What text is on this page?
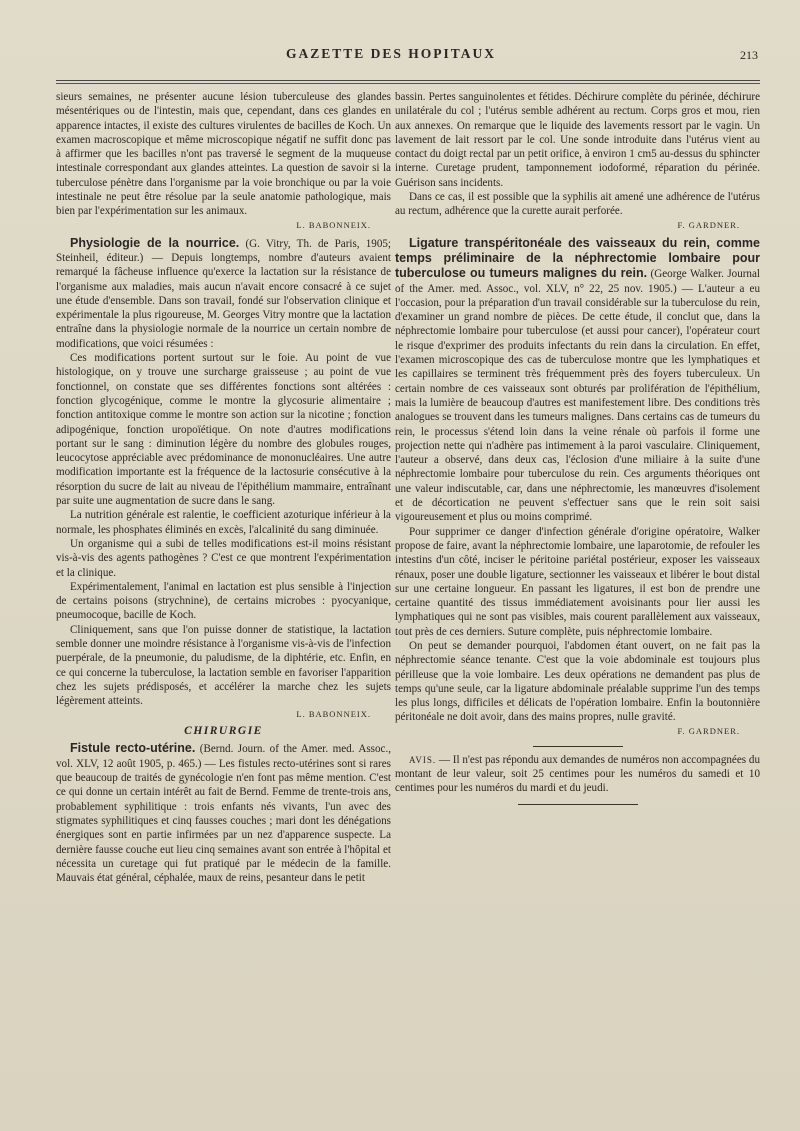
GAZETTE DES HOPITAUX	213

sieurs semaines, ne présenter aucune lésion tuberculeuse des glandes mésentériques ou de l'intestin, mais que, cependant, dans ces glandes en apparence intactes, il existe des cultures virulentes de bacilles de Koch. Un examen macroscopique et même microscopique négatif ne suffit donc pas à affirmer que les bacilles n'ont pas traversé le segment de la muqueuse intestinale correspondant aux glandes atteintes. La question de savoir si la tuberculose pénètre dans l'organisme par la voie bronchique ou par la voie intestinale ne peut être résolue par la seule anatomie pathologique, mais bien par l'expérimentation sur les animaux.

L. BABONNEIX.

Physiologie de la nourrice. (G. Vitry, Th. de Paris, 1905; Steinheil, éditeur.) — Depuis longtemps, nombre d'auteurs avaient remarqué la fâcheuse influence qu'exerce la lactation sur la résistance de l'organisme aux maladies, mais aucun n'avait encore consacré à ce sujet une étude d'ensemble. Dans son travail, fondé sur l'observation clinique et expérimentale la plus rigoureuse, M. Georges Vitry montre que la lactation entraîne dans la physiologie normale de la nourrice un certain nombre de modifications, que voici résumées :

Ces modifications portent surtout sur le foie. Au point de vue histologique, on y trouve une surcharge graisseuse ; au point de vue fonctionnel, on constate que ses différentes fonctions sont altérées : fonction glycogénique, comme le montre la glycosurie alimentaire ; fonction antitoxique comme le montre son action sur la nicotine ; fonction adipogénique, fonction uropoïétique. On note d'autres modifications portant sur le sang : diminution légère du nombre des globules rouges, leucocytose appréciable avec prédominance de mononucléaires. Une autre modification importante est la fréquence de la lactosurie consécutive à la résorption du sucre de lait au niveau de l'épithélium mammaire, entraînant par suite une augmentation de sucre dans le sang.

La nutrition générale est ralentie, le coefficient azoturique inférieur à la normale, les phosphates éliminés en excès, l'alcalinité du sang diminuée.

Un organisme qui a subi de telles modifications est-il moins résistant vis-à-vis des agents pathogènes ? C'est ce que montrent l'expérimentation et la clinique.

Expérimentalement, l'animal en lactation est plus sensible à l'injection de certains poisons (strychnine), de certains microbes : pyocyanique, pneumocoque, bacille de Koch.

Cliniquement, sans que l'on puisse donner de statistique, la lactation semble donner une moindre résistance à l'organisme vis-à-vis de l'infection puerpérale, de la pneumonie, du paludisme, de la diphtérie, etc. Enfin, en ce qui concerne la tuberculose, la lactation semble en favoriser l'apparition chez les sujets prédisposés, et accélérer la marche chez les sujets légèrement atteints.

L. BABONNEIX.
CHIRURGIE

Fistule recto-utérine. (Bernd. Journ. of the Amer. med. Assoc., vol. XLV, 12 août 1905, p. 465.) — Les fistules recto-utérines sont si rares que beaucoup de traités de gynécologie n'en font pas même mention. C'est ce qui donne un certain intérêt au fait de Bernd. Femme de trente-trois ans, probablement syphilitique : trois enfants nés vivants, l'un avec des stigmates syphilitiques et cinq fausses couches ; mari dont les dénégations énergiques sont en partie infirmées par un nez d'apparence suspecte. La dernière fausse couche eut lieu cinq semaines avant son entrée à l'hôpital et nécessita un curetage qui fut pratiqué par le médecin de la famille. Mauvais état général, céphalée, maux de reins, pesanteur dans le petit

bassin. Pertes sanguinolentes et fétides. Déchirure complète du périnée, déchirure unilatérale du col ; l'utérus semble adhérent au rectum. Corps gros et mou, rien aux annexes. On remarque que le liquide des lavements ressort par le vagin. Un lavement de lait ressort par le col. Une sonde introduite dans l'utérus vient au contact du doigt rectal par un petit orifice, à environ 1 cm5 au-dessus du sphincter interne. Curetage prudent, tamponnement iodoformé, réparation du périnée. Guérison sans incidents.

Dans ce cas, il est possible que la syphilis ait amené une adhérence de l'utérus au rectum, adhérence que la curette aurait perforée.

F. GARDNER.

Ligature transpéritonéale des vaisseaux du rein, comme temps préliminaire de la néphrectomie lombaire pour tuberculose ou tumeurs malignes du rein. (George Walker. Journal of the Amer. med. Assoc., vol. XLV, n° 22, 25 nov. 1905.) — L'auteur a eu l'occasion, pour la préparation d'un travail considérable sur la tuberculose du rein, d'examiner un grand nombre de pièces. De cette étude, il conclut que, dans la néphrectomie lombaire pour tuberculose (et aussi pour cancer), l'opérateur court le risque d'exprimer des produits infectants du rein dans la circulation. En effet, l'examen microscopique des cas de tuberculose montre que les lymphatiques et les capillaires se terminent très fréquemment près des foyers tuberculeux. Un certain nombre de ces vaisseaux sont obturés par prolifération de l'épithélium, mais la lumière de beaucoup d'autres est manifestement libre. Des conditions très analogues se trouvent dans les tumeurs malignes. Dans certains cas de tumeurs du rein, le processus s'étend loin dans la veine rénale où parfois il forme une projection nette qui n'adhère pas intimement à la paroi vasculaire. Cliniquement, l'auteur a observé, dans deux cas, l'éclosion d'une miliaire à la suite d'une néphrectomie lombaire pour tuberculose du rein. Ces arguments théoriques ont une valeur indiscutable, car, dans une néphrectomie, les manœuvres d'isolement et de décortication ne peuvent s'effectuer sans que le rein soit saisi vigoureusement et plus ou moins comprimé.

Pour supprimer ce danger d'infection générale d'origine opératoire, Walker propose de faire, avant la néphrectomie lombaire, une laparotomie, de refouler les intestins d'un côté, inciser le péritoine pariétal postérieur, exposer les vaisseaux rénaux, poser une double ligature, sectionner les vaisseaux et libérer le bout distal sur une certaine longueur. En passant les ligatures, il est bon de prendre une certaine quantité des tissus immédiatement avoisinants pour lier aussi les lymphatiques qui ne sont pas visibles, mais courent parallèlement aux vaisseaux, tout près de ces derniers. Suture complète, puis néphrectomie lombaire.

On peut se demander pourquoi, l'abdomen étant ouvert, on ne fait pas la néphrectomie séance tenante. C'est que la voie abdominale est toujours plus périlleuse que la voie lombaire. Les deux opérations ne demandent pas plus de temps qu'une seule, car la ligature abdominale préalable supprime l'un des temps les plus longs, difficiles et délicats de l'opération lombaire. Enfin la boutonnière péritonéale ne doit avoir, dans des mains propres, nulle gravité.

F. GARDNER.

AVIS. — Il n'est pas répondu aux demandes de numéros non accompagnées du montant de leur valeur, soit 25 centimes pour les numéros du samedi et 10 centimes pour les numéros du mardi et du jeudi.
